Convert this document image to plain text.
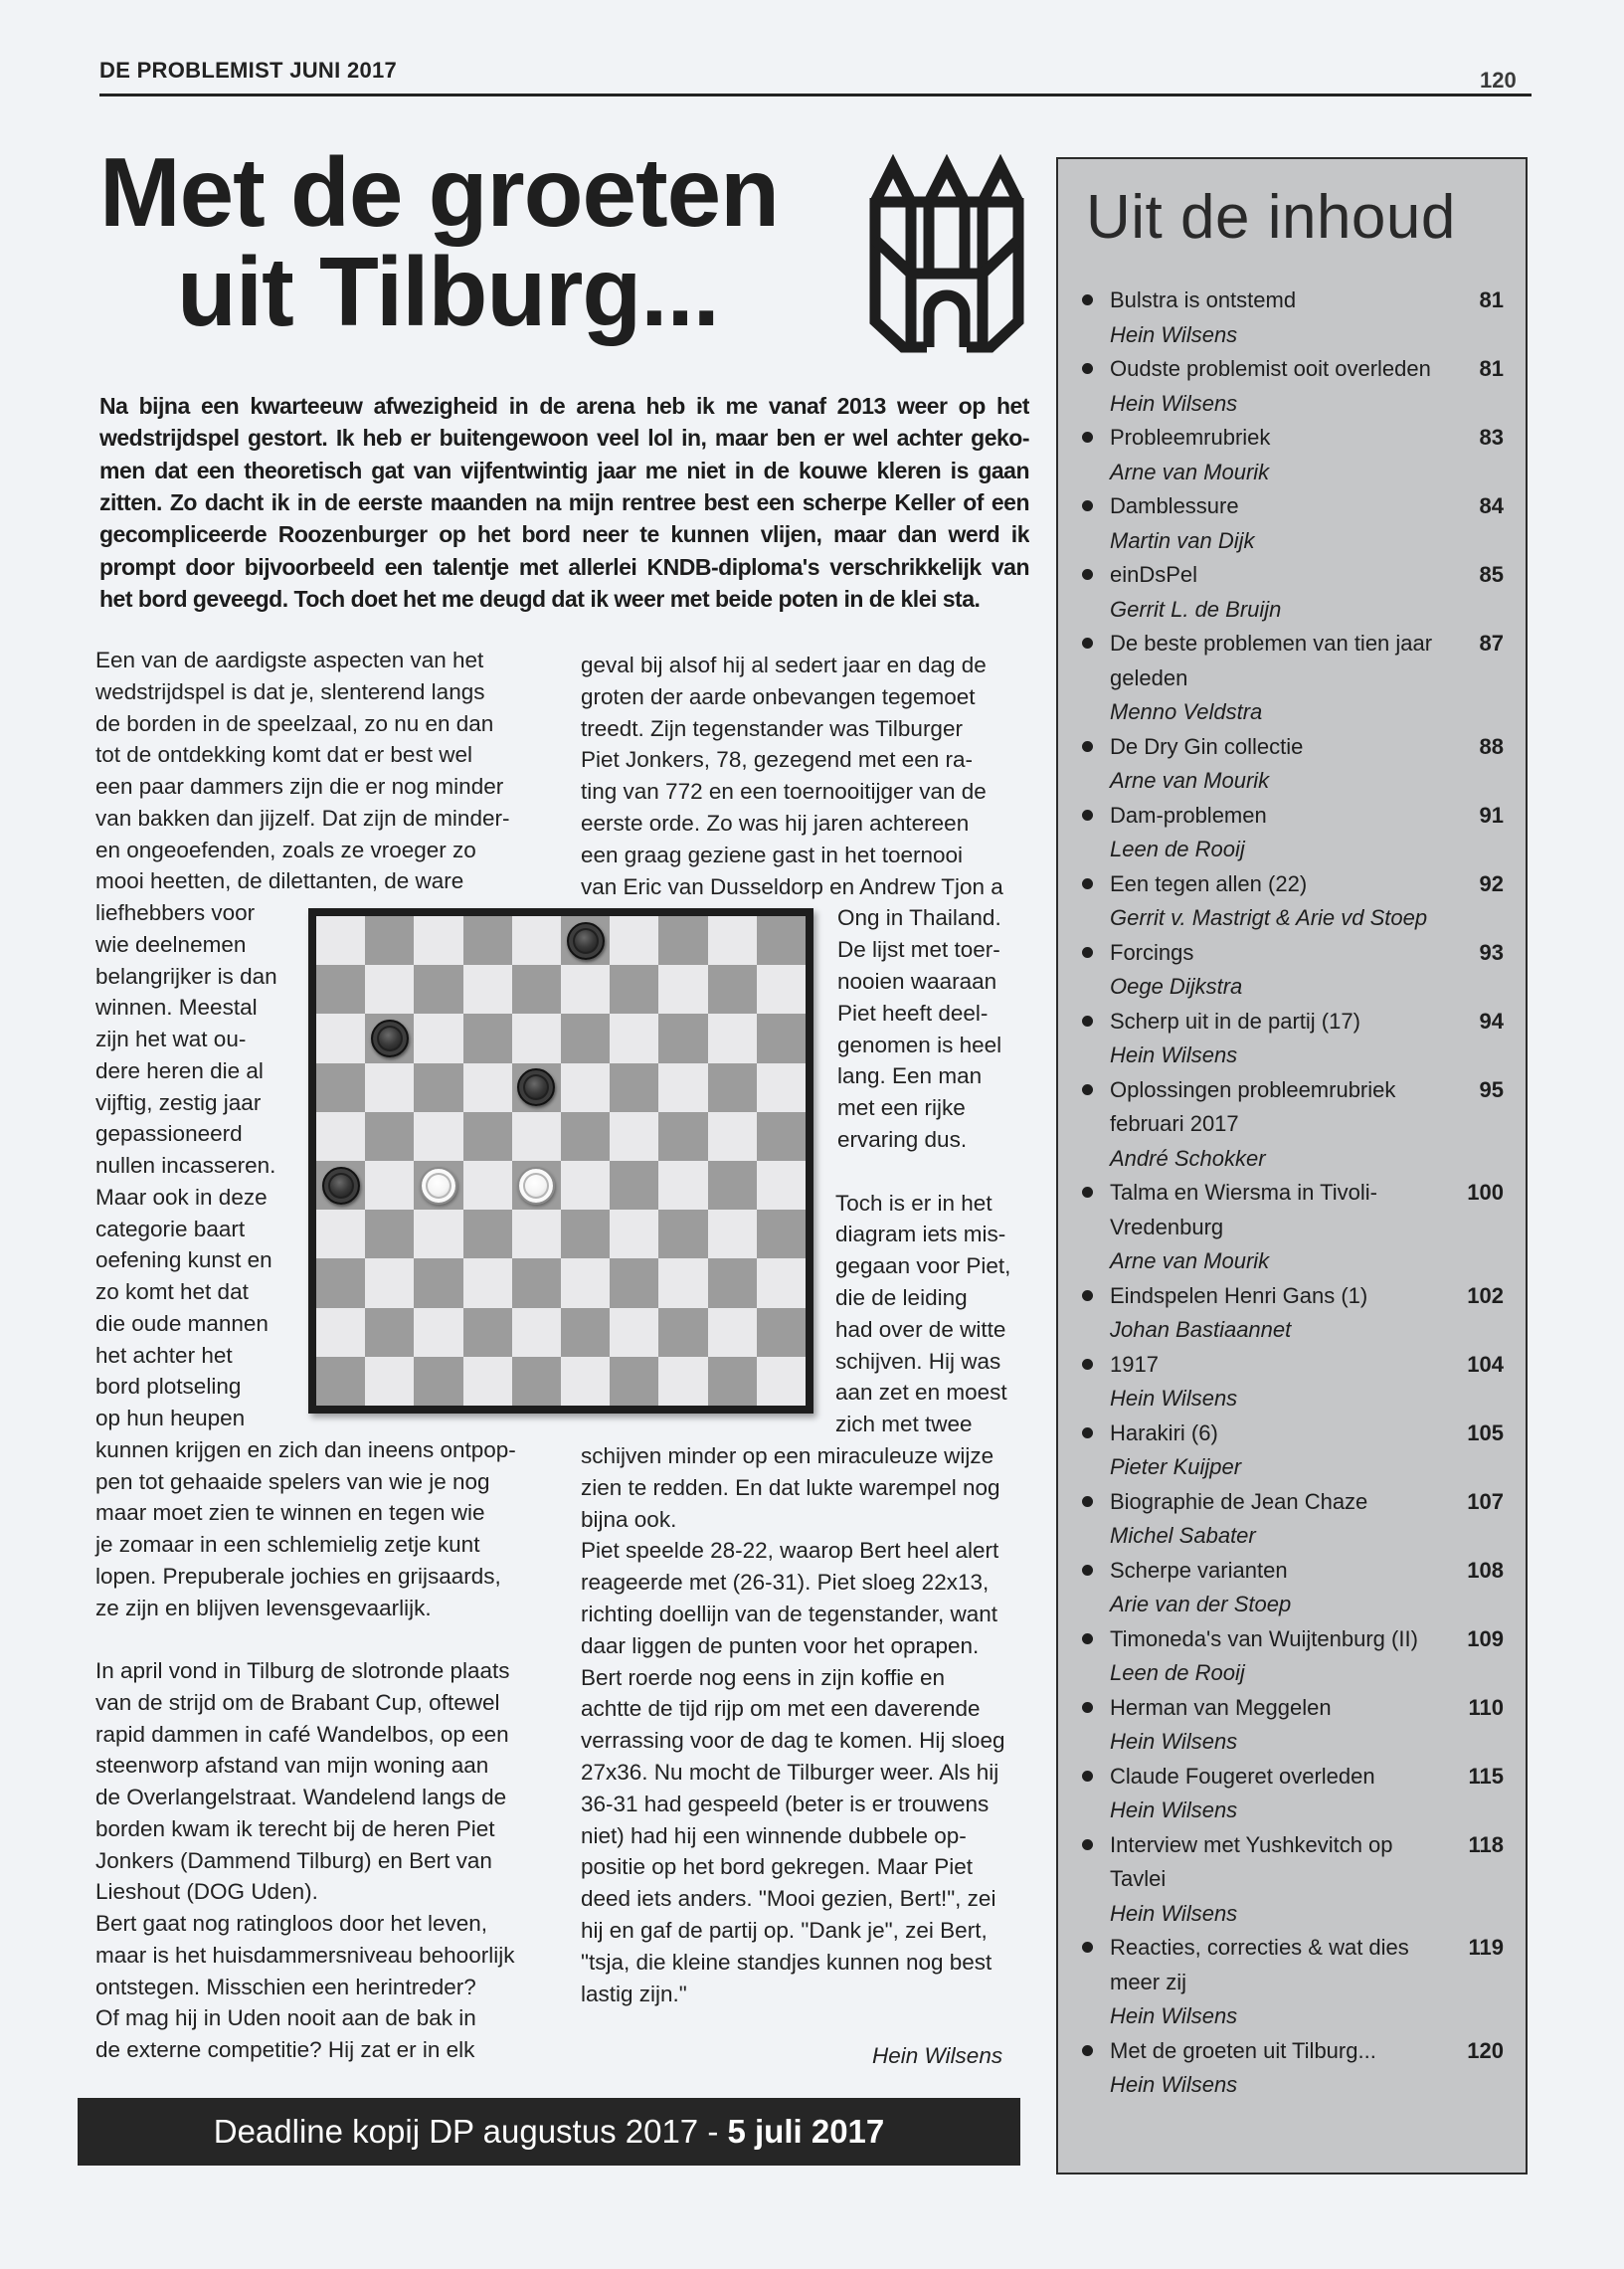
DE PROBLEMIST JUNI 2017	120
Met de groeten
uit Tilburg...
Na bijna een kwarteeuw afwezigheid in de arena heb ik me vanaf 2013 weer op het
wedstrijdspel gestort. Ik heb er buitengewoon veel lol in, maar ben er wel achter geko-
men dat een theoretisch gat van vijfentwintig jaar me niet in de kouwe kleren is gaan
zitten. Zo dacht ik in de eerste maanden na mijn rentree best een scherpe Keller of een
gecompliceerde Roozenburger op het bord neer te kunnen vlijen, maar dan werd ik
prompt door bijvoorbeeld een talentje met allerlei KNDB-diploma's verschrikkelijk van
het bord geveegd. Toch doet het me deugd dat ik weer met beide poten in de klei sta.
Een van de aardigste aspecten van het
wedstrijdspel is dat je, slenterend langs
de borden in de speelzaal, zo nu en dan
tot de ontdekking komt dat er best wel
een paar dammers zijn die er nog minder
van bakken dan jijzelf. Dat zijn de minder-
en ongeoefenden, zoals ze vroeger zo
mooi heetten, de dilettanten, de ware
liefhebbers voor
wie deelnemen
belangrijker is dan
winnen. Meestal
zijn het wat ou-
dere heren die al
vijftig, zestig jaar
gepassioneerd
nullen incasseren.
Maar ook in deze
categorie baart
oefening kunst en
zo komt het dat
die oude mannen
het achter het
bord plotseling
op hun heupen
kunnen krijgen en zich dan ineens ontpop-
pen tot gehaaide spelers van wie je nog
maar moet zien te winnen en tegen wie
je zomaar in een schlemielig zetje kunt
lopen. Prepuberale jochies en grijsaards,
ze zijn en blijven levensgevaarlijk.
In april vond in Tilburg de slotronde plaats
van de strijd om de Brabant Cup, oftewel
rapid dammen in café Wandelbos, op een
steenworp afstand van mijn woning aan
de Overlangelstraat. Wandelend langs de
borden kwam ik terecht bij de heren Piet
Jonkers (Dammend Tilburg) en Bert van
Lieshout (DOG Uden).
Bert gaat nog ratingloos door het leven,
maar is het huisdammersniveau behoorlijk
ontstegen. Misschien een herintreder?
Of mag hij in Uden nooit aan de bak in
de externe competitie? Hij zat er in elk
geval bij alsof hij al sedert jaar en dag de
groten der aarde onbevangen tegemoet
treedt. Zijn tegenstander was Tilburger
Piet Jonkers, 78, gezegend met een ra-
ting van 772 en een toernooitijger van de
eerste orde. Zo was hij jaren achtereen
een graag geziene gast in het toernooi
van Eric van Dusseldorp en Andrew Tjon a
Ong in Thailand.
De lijst met toer-
nooien waaraan
Piet heeft deel-
genomen is heel
lang. Een man
met een rijke
ervaring dus.
Toch is er in het
diagram iets mis-
gegaan voor Piet,
die de leiding
had over de witte
schijven. Hij was
aan zet en moest
zich met twee
schijven minder op een miraculeuze wijze
zien te redden. En dat lukte warempel nog
bijna ook.
Piet speelde 28-22, waarop Bert heel alert
reageerde met (26-31). Piet sloeg 22x13,
richting doellijn van de tegenstander, want
daar liggen de punten voor het oprapen.
Bert roerde nog eens in zijn koffie en
achtte de tijd rijp om met een daverende
verrassing voor de dag te komen. Hij sloeg
27x36. Nu mocht de Tilburger weer. Als hij
36-31 had gespeeld (beter is er trouwens
niet) had hij een winnende dubbele op-
positie op het bord gekregen. Maar Piet
deed iets anders. "Mooi gezien, Bert!", zei
hij en gaf de partij op. "Dank je", zei Bert,
"tsja, die kleine standjes kunnen nog best
lastig zijn."
Hein Wilsens
Deadline kopij DP augustus 2017 - 5 juli 2017
Uit de inhoud
Bulstra is ontstemd
Hein Wilsens
81
Oudste problemist ooit overleden
Hein Wilsens
81
Probleemrubriek
Arne van Mourik
83
Damblessure
Martin van Dijk
84
einDsPel
Gerrit L. de Bruijn
85
De beste problemen van tien jaar geleden
Menno Veldstra
87
De Dry Gin collectie
Arne van Mourik
88
Dam-problemen
Leen de Rooij
91
Een tegen allen (22)
Gerrit v. Mastrigt & Arie vd Stoep
92
Forcings
Oege Dijkstra
93
Scherp uit in de partij (17)
Hein Wilsens
94
Oplossingen probleemrubriek februari 2017
André Schokker
95
Talma en Wiersma in Tivoli-Vredenburg
Arne van Mourik
100
Eindspelen Henri Gans (1)
Johan Bastiaannet
102
1917
Hein Wilsens
104
Harakiri (6)
Pieter Kuijper
105
Biographie de Jean Chaze
Michel Sabater
107
Scherpe varianten
Arie van der Stoep
108
Timoneda's van Wuijtenburg (II)
Leen de Rooij
109
Herman van Meggelen
Hein Wilsens
110
Claude Fougeret overleden
Hein Wilsens
115
Interview met Yushkevitch op Tavlei
Hein Wilsens
118
Reacties, correcties & wat dies meer zij
Hein Wilsens
119
Met de groeten uit Tilburg...
Hein Wilsens
120
